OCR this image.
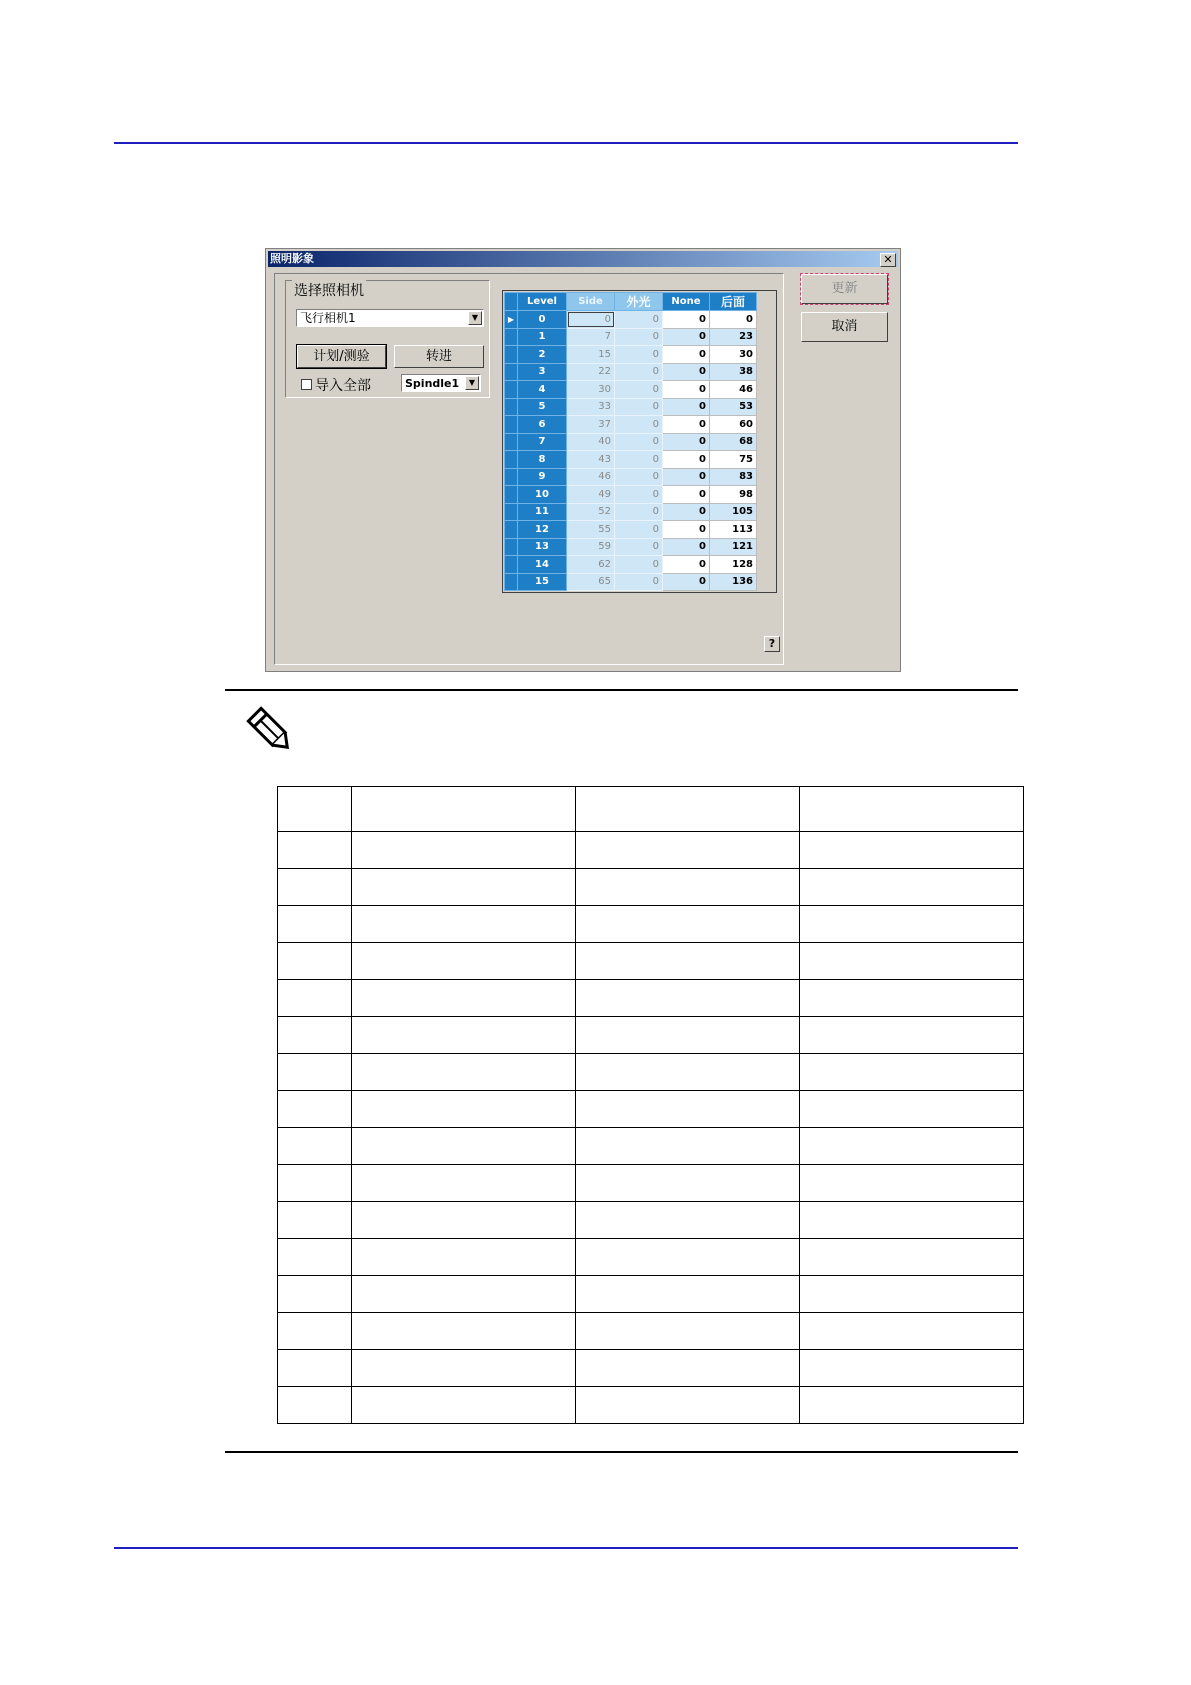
照明影象	✕
选择照相机
飞行相机1	▼
计划/测验	转进
导入全部	Spindle1	▼
	Level	Side	外光	None	后面
▶	0	0	0	0	0
	1	7	0	0	23
	2	15	0	0	30
	3	22	0	0	38
	4	30	0	0	46
	5	33	0	0	53
	6	37	0	0	60
	7	40	0	0	68
	8	43	0	0	75
	9	46	0	0	83
	10	49	0	0	98
	11	52	0	0	105
	12	55	0	0	113
	13	59	0	0	121
	14	62	0	0	128
	15	65	0	0	136
更新
取消
?
